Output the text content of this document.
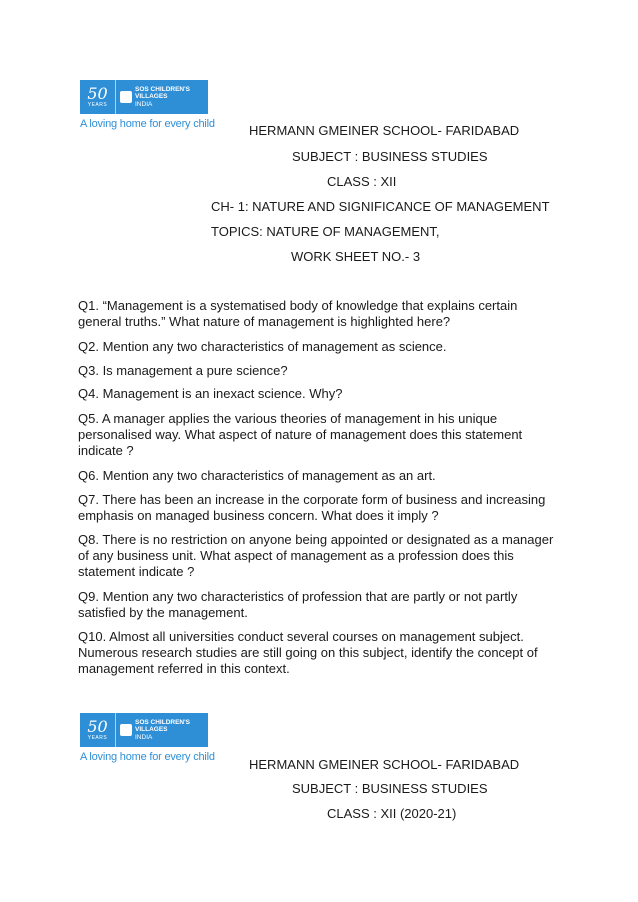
50
YEARS
SOS CHILDREN'S
VILLAGES
INDIA
A loving home for every child	HERMANN GMEINER SCHOOL- FARIDABAD

SUBJECT : BUSINESS STUDIES

CLASS : XII

CH- 1: NATURE AND SIGNIFICANCE OF MANAGEMENT

TOPICS: NATURE OF MANAGEMENT,

WORK SHEET NO.- 3

Q1. “Management is a systematised body of knowledge that explains certain general truths.” What nature of management is highlighted here?

Q2. Mention any two characteristics of management as science.

Q3. Is management a pure science?

Q4. Management is an inexact science. Why?

Q5. A manager applies the various theories of management in his unique personalised way. What aspect of nature of management does this statement indicate ?

Q6. Mention any two characteristics of management as an art.

Q7. There has been an increase in the corporate form of business and increasing emphasis on managed business concern. What does it imply ?

Q8. There is no restriction on anyone being appointed or designated as a manager of any business unit. What aspect of management as a profession does this statement indicate ?

Q9. Mention any two characteristics of profession that are partly or not partly satisfied by the management.

Q10. Almost all universities conduct several courses on management subject. Numerous research studies are still going on this subject, identify the concept of management referred in this context.

50
YEARS
SOS CHILDREN'S
VILLAGES
INDIA
A loving home for every child	HERMANN GMEINER SCHOOL- FARIDABAD

SUBJECT : BUSINESS STUDIES

CLASS : XII (2020-21)
